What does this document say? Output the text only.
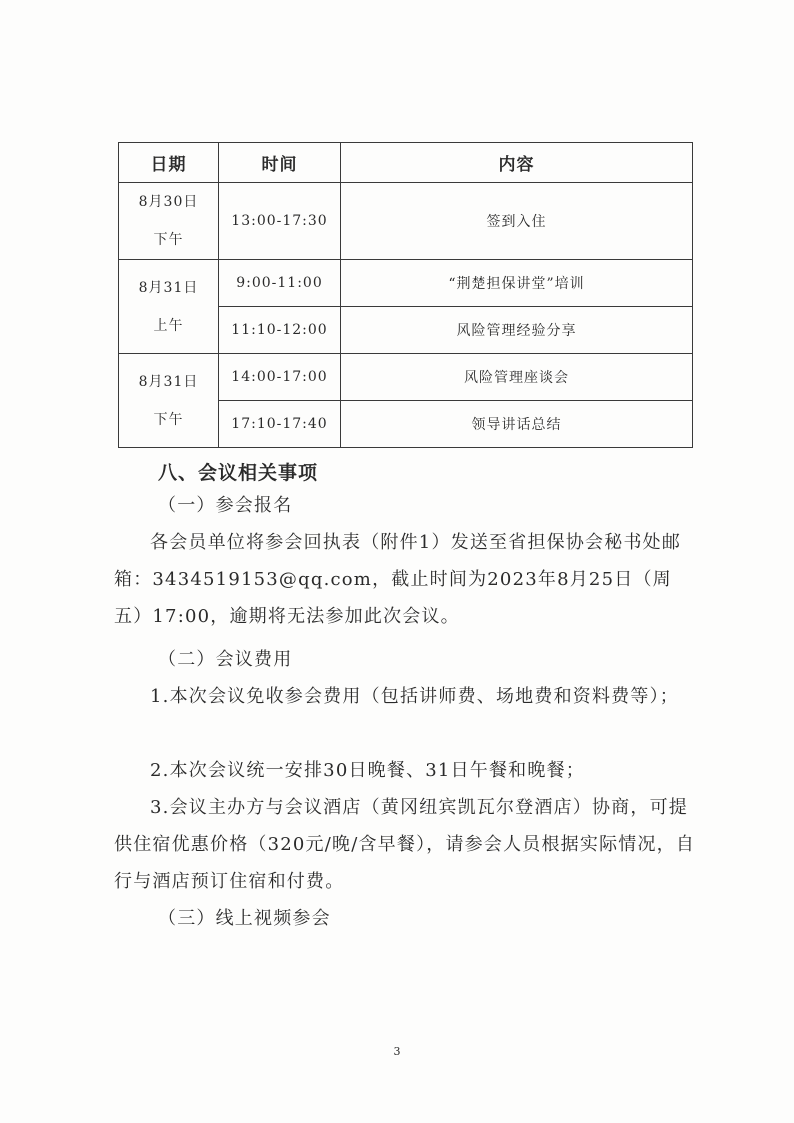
日期	时间	内容

8月30日
下午	13:00-17:30	签到入住

8月31日
上午	9:00-11:00	“荆楚担保讲堂”培训
	11:10-12:00	风险管理经验分享

8月31日
下午	14:00-17:00	风险管理座谈会
	17:10-17:40	领导讲话总结
八、会议相关事项
（一）参会报名
各会员单位将参会回执表（附件1）发送至省担保协会秘书处邮箱：3434519153@qq.com，截止时间为2023年8月25日（周五）17:00，逾期将无法参加此次会议。
（二）会议费用
1.本次会议免收参会费用（包括讲师费、场地费和资料费等）；
2.本次会议统一安排30日晚餐、31日午餐和晚餐；
3.会议主办方与会议酒店（黄冈纽宾凯瓦尔登酒店）协商，可提供住宿优惠价格（320元/晚/含早餐），请参会人员根据实际情况，自行与酒店预订住宿和付费。
（三）线上视频参会
3
